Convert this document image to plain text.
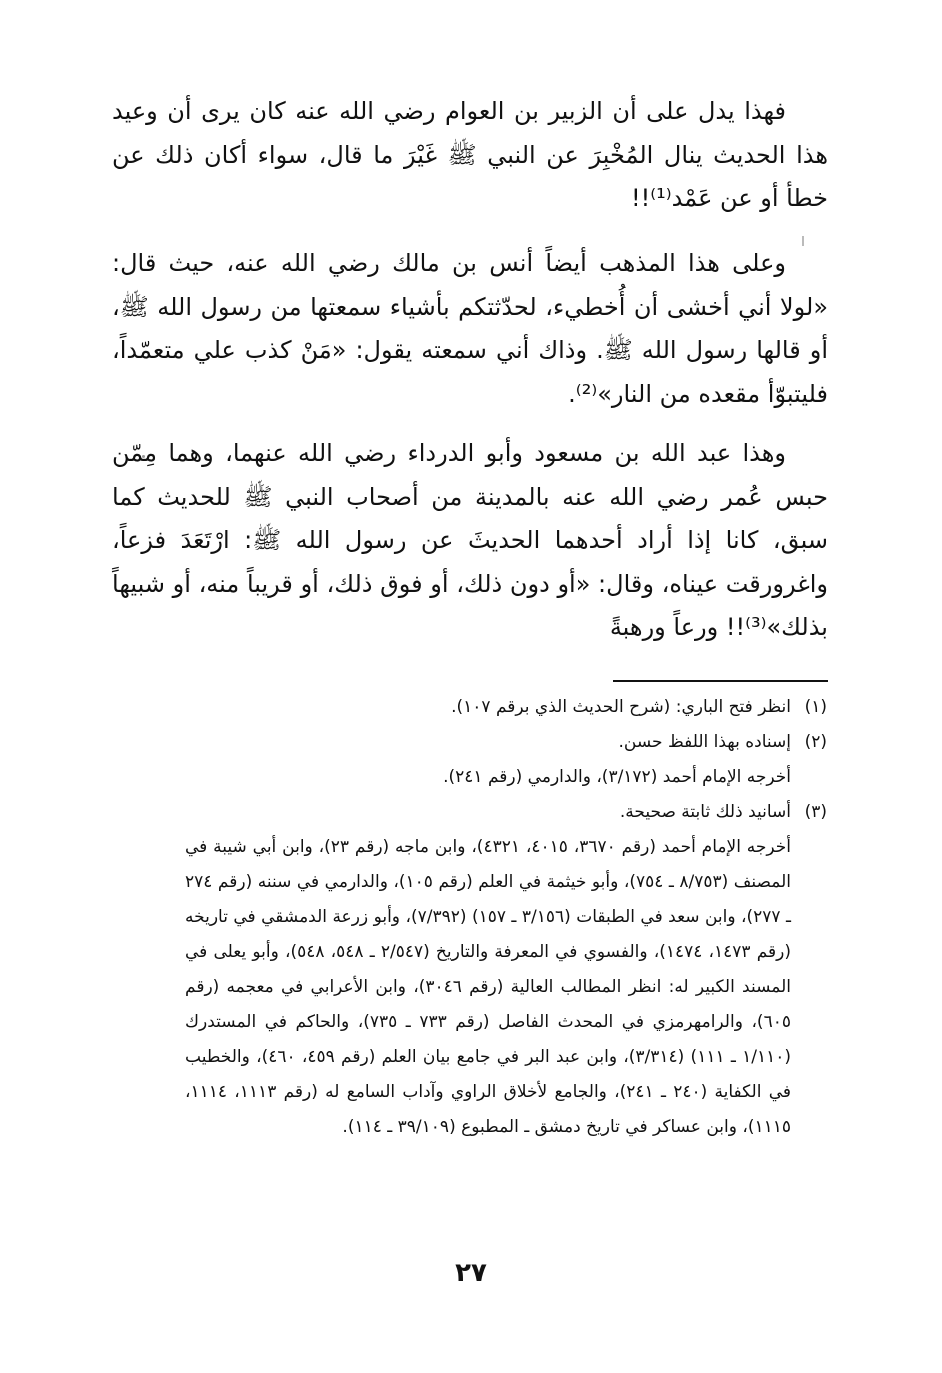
فهذا يدل على أن الزبير بن العوام رضي الله عنه كان يرى أن وعيد هذا الحديث ينال المُخْبِرَ عن النبي ﷺ غَيْرَ ما قال، سواء أكان ذلك عن خطأ أو عن عَمْد⁽¹⁾!!

وعلى هذا المذهب أيضاً أنس بن مالك رضي الله عنه، حيث قال: «لولا أني أخشى أن أُخطيء، لحدّثتكم بأشياء سمعتها من رسول الله ﷺ، أو قالها رسول الله ﷺ. وذاك أني سمعته يقول: «مَنْ كذب علي متعمّداً، فليتبوّأ مقعده من النار»⁽²⁾.

وهذا عبد الله بن مسعود وأبو الدرداء رضي الله عنهما، وهما مِمّن حبس عُمر رضي الله عنه بالمدينة من أصحاب النبي ﷺ للحديث كما سبق، كانا إذا أراد أحدهما الحديثَ عن رسول الله ﷺ: ارْتَعَدَ فزعاً، واغرورقت عيناه، وقال: «أو دون ذلك، أو فوق ذلك، أو قريباً منه، أو شبيهاً بذلك»⁽³⁾!! ورعاً ورهبةً

(١)

انظر فتح الباري: (شرح الحديث الذي برقم ١٠٧).

(٢)

إسناده بهذا اللفظ حسن.

أخرجه الإمام أحمد (٣/١٧٢)، والدارمي (رقم ٢٤١).

(٣)

أسانيد ذلك ثابتة صحيحة.

أخرجه الإمام أحمد (رقم ٣٦٧٠، ٤٠١٥، ٤٣٢١)، وابن ماجه (رقم ٢٣)، وابن أبي شيبة في المصنف (٨/٧٥٣ ـ ٧٥٤)، وأبو خيثمة في العلم (رقم ١٠٥)، والدارمي في سننه (رقم ٢٧٤ ـ ٢٧٧)، وابن سعد في الطبقات (٣/١٥٦ ـ ١٥٧) (٧/٣٩٢)، وأبو زرعة الدمشقي في تاريخه (رقم ١٤٧٣، ١٤٧٤)، والفسوي في المعرفة والتاريخ (٢/٥٤٧ ـ ٥٤٨، ٥٤٨)، وأبو يعلى في المسند الكبير له: انظر المطالب العالية (رقم ٣٠٤٦)، وابن الأعرابي في معجمه (رقم ٦٠٥)، والرامهرمزي في المحدث الفاصل (رقم ٧٣٣ ـ ٧٣٥)، والحاكم في المستدرك (١/١١٠ ـ ١١١) (٣/٣١٤)، وابن عبد البر في جامع بيان العلم (رقم ٤٥٩، ٤٦٠)، والخطيب في الكفاية (٢٤٠ ـ ٢٤١)، والجامع لأخلاق الراوي وآداب السامع له (رقم ١١١٣، ١١١٤، ١١١٥)، وابن عساكر في تاريخ دمشق ـ المطبوع (٣٩/١٠٩ ـ ١١٤).

٢٧
